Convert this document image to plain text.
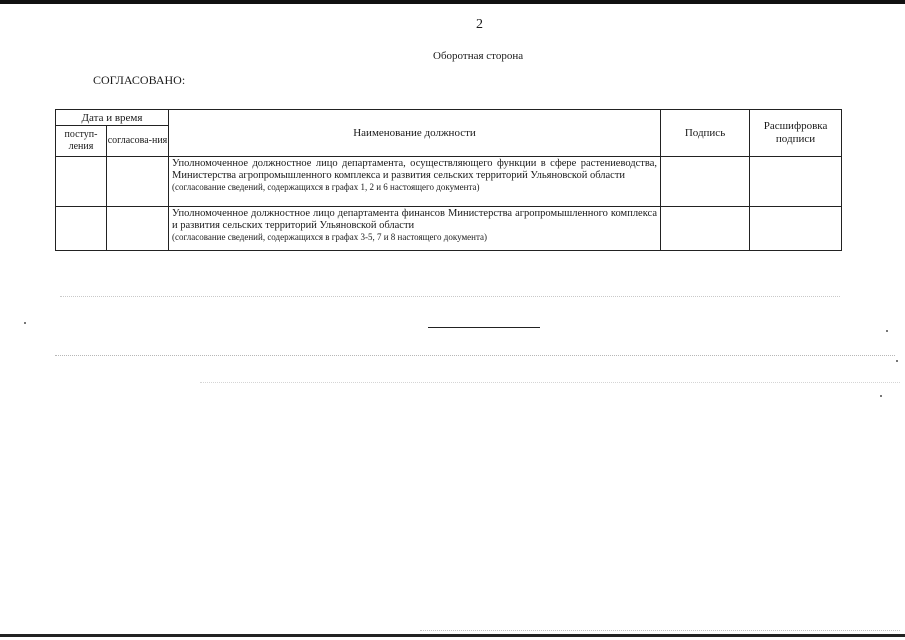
2
Оборотная сторона
СОГЛАСОВАНО:
Дата и время		Наименование должности	Подпись	Расшифровка подписи
поступ-ления	согласова-ния			

		Уполномоченное должностное лицо департамента, осуществляющего функции в сфере растениеводства, Министерства агропромышленного комплекса и развития сельских территорий Ульяновской области
(согласование сведений, содержащихся в графах 1, 2 и 6 настоящего документа)		

		Уполномоченное должностное лицо департамента финансов Министерства агропромышленного комплекса и развития сельских территорий Ульяновской области
(согласование сведений, содержащихся в графах 3-5, 7 и 8 настоящего документа)		
